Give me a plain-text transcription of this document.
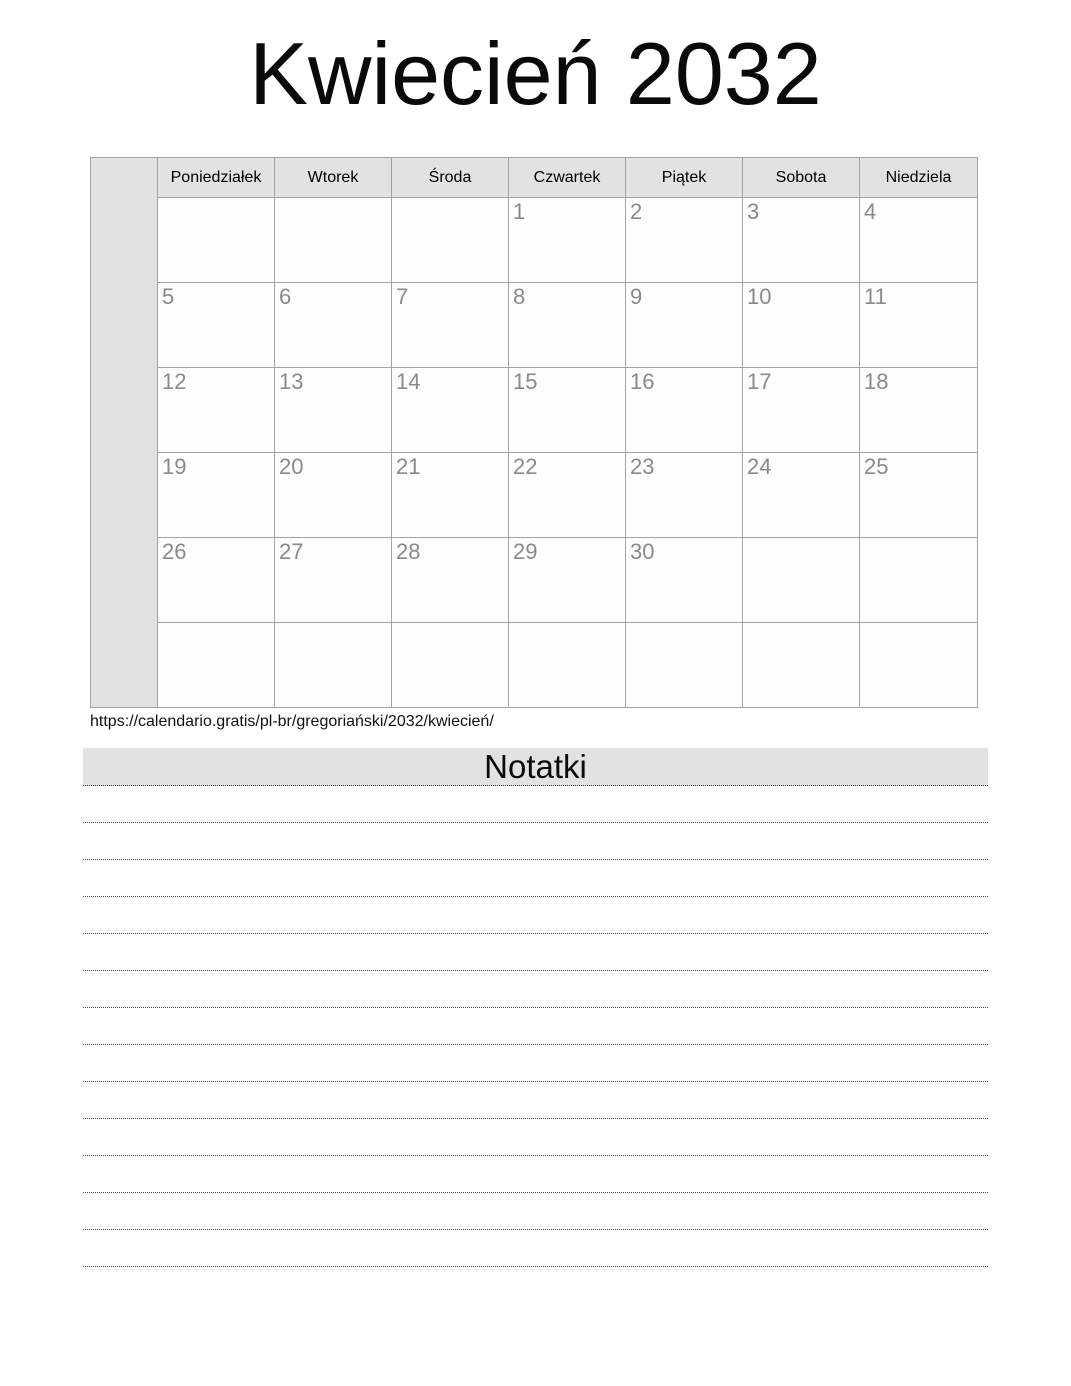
Kwiecień 2032
	Poniedziałek	Wtorek	Środa	Czwartek	Piątek	Sobota	Niedziela
				1	2	3	4
	5	6	7	8	9	10	11
	12	13	14	15	16	17	18
	19	20	21	22	23	24	25
	26	27	28	29	30		

https://calendario.gratis/pl-br/gregoriański/2032/kwiecień/
Notatki
